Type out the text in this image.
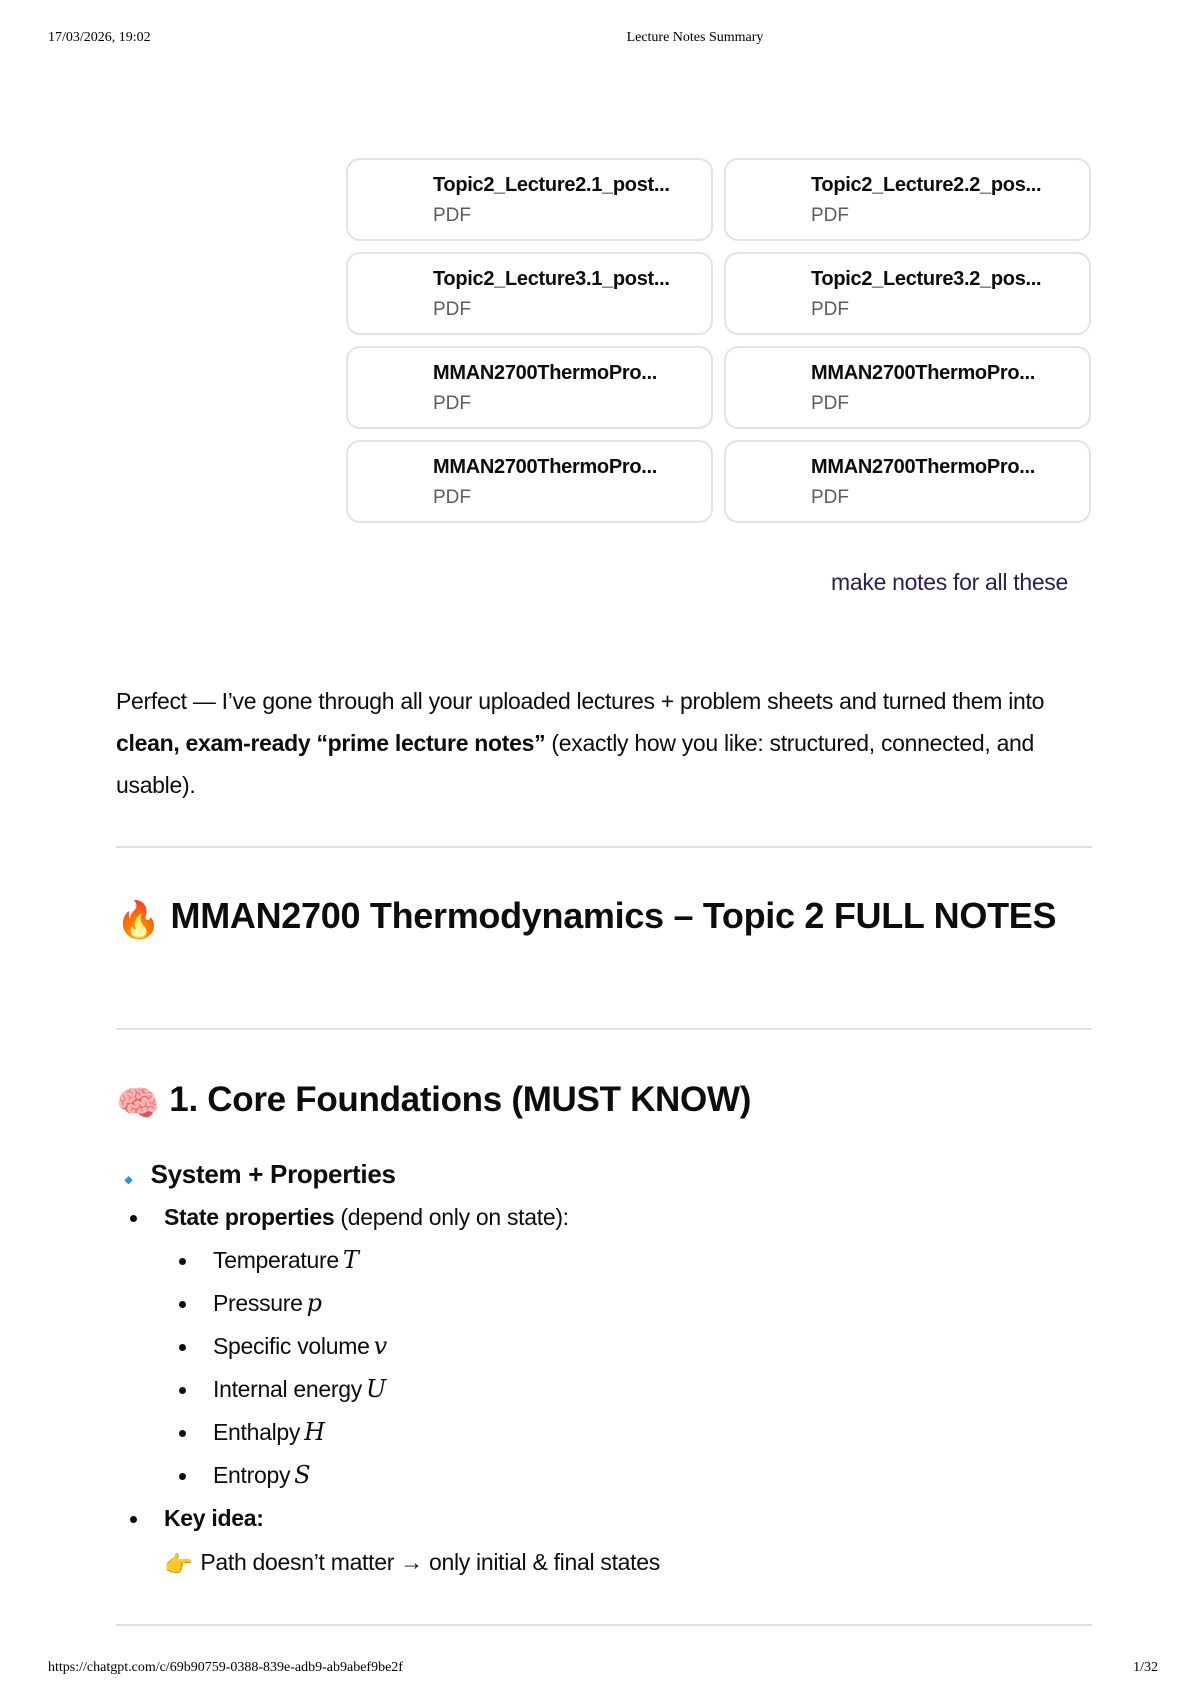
17/03/2026, 19:02	Lecture Notes Summary
Topic2_Lecture2.1_post...
PDF
Topic2_Lecture2.2_pos...
PDF
Topic2_Lecture3.1_post...
PDF
Topic2_Lecture3.2_pos...
PDF
MMAN2700ThermoPro...
PDF
MMAN2700ThermoPro...
PDF
MMAN2700ThermoPro...
PDF
MMAN2700ThermoPro...
PDF
make notes for all these

Perfect — I’ve gone through all your uploaded lectures + problem sheets and turned them into clean, exam-ready “prime lecture notes” (exactly how you like: structured, connected, and usable).

🔥 MMAN2700 Thermodynamics – Topic 2 FULL NOTES
🧠 1. Core Foundations (MUST KNOW)
🔹 System + Properties
State properties (depend only on state):
Temperature T
Pressure p
Specific volume v
Internal energy U
Enthalpy H
Entropy S
Key idea:
👉 Path doesn’t matter → only initial & final states
https://chatgpt.com/c/69b90759-0388-839e-adb9-ab9abef9be2f	1/32
